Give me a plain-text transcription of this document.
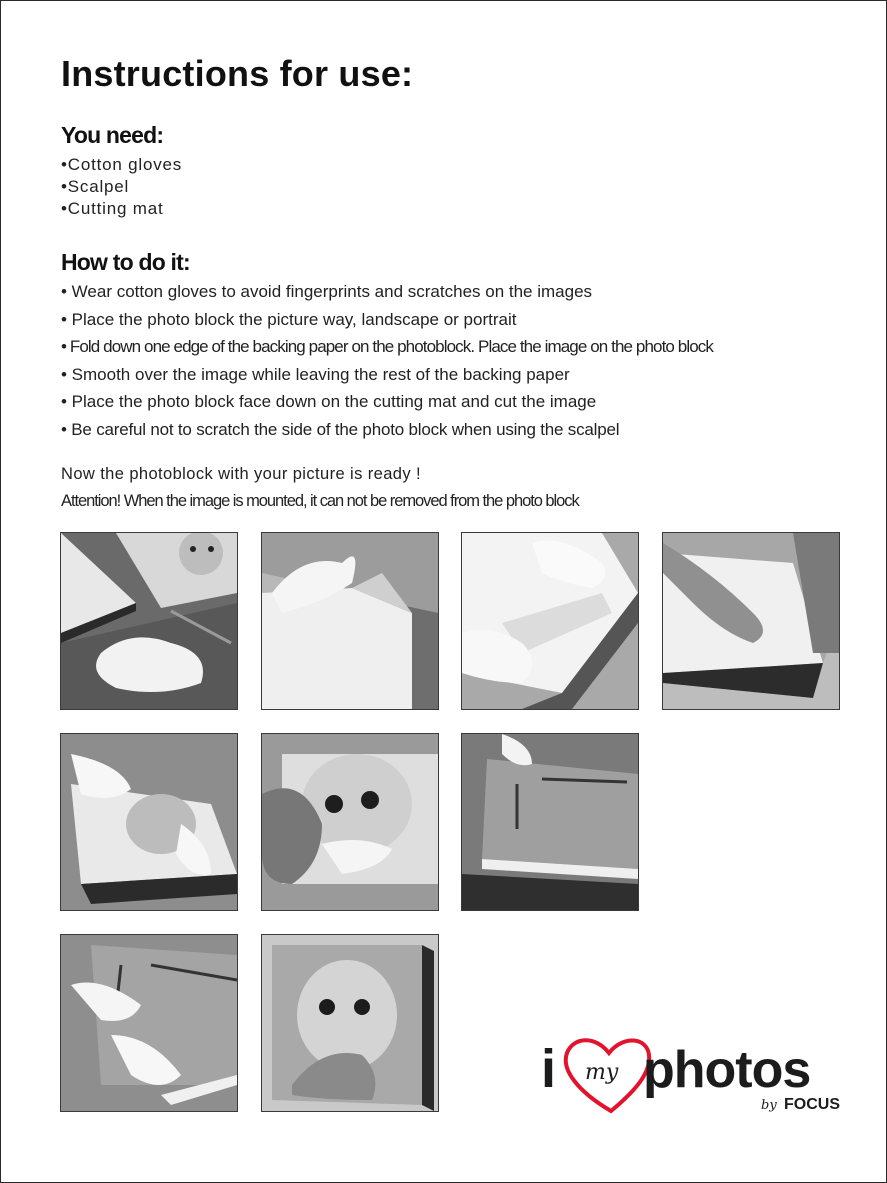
Instructions for use:
You need:
•Cotton gloves
•Scalpel
•Cutting mat
How to do it:
• Wear cotton gloves to avoid fingerprints and scratches on the images
• Place the photo block the picture way, landscape or portrait
• Fold down one edge of the backing paper on the photoblock. Place the image on the photo block
• Smooth over the image while leaving the rest of the backing paper
• Place the photo block face down on the cutting mat and cut the image
• Be careful not to scratch the side of the photo block when using the scalpel

Now the photoblock with your picture is ready !

Attention! When the image is mounted, it can not be removed from the photo block

i my photos
by FOCUS
